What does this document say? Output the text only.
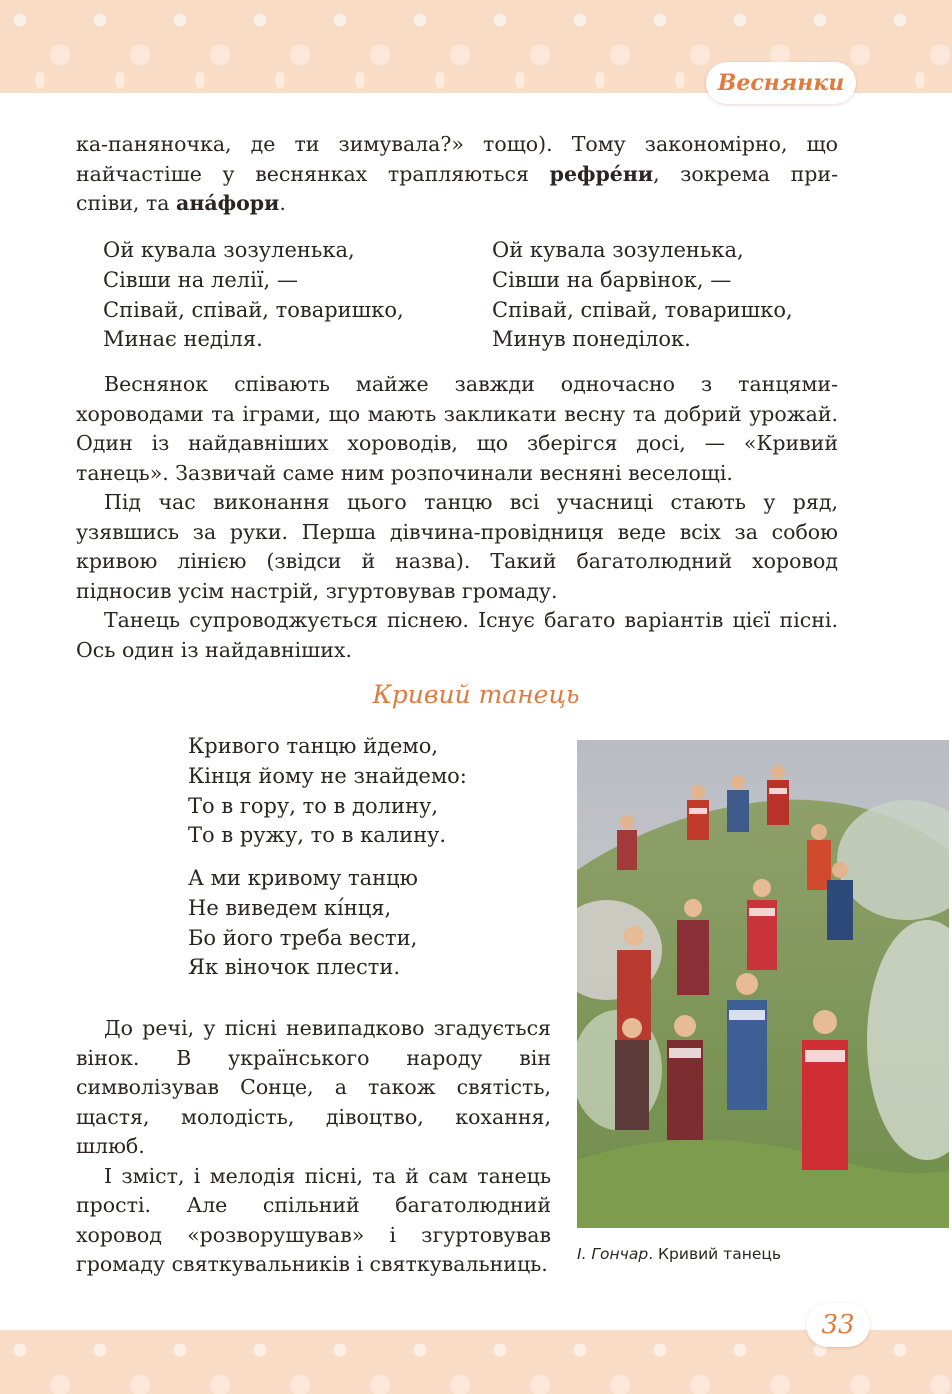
Веснянки

ка-паняночка, де ти зимувала?» тощо). Тому закономірно, що

найчастіше у веснянках трапляються рефре́ни, зокрема при-

співи, та ана́фори.

Ой кувала зозуленька,
Сівши на лелії, —
Співай, співай, товаришко,
Минає неділя.
Ой кувала зозуленька,
Сівши на барвінок, —
Співай, співай, товаришко,
Минув понеділок.

Веснянок співають майже завжди одночасно з танцями-хороводами та іграми, що мають закликати весну та добрий урожай. Один із найдавніших хороводів, що зберігся досі, — «Кривий танець». Зазвичай саме ним розпочинали весняні веселощі.

Під час виконання цього танцю всі учасниці стають у ряд, узявшись за руки. Перша дівчина-провідниця веде всіх за собою кривою лінією (звідси й назва). Такий багатолюдний хоровод підносив усім настрій, згуртовував громаду.

Танець супроводжується піснею. Існує багато варіантів цієї пісні. Ось один із найдавніших.

Кривий танець
Кривого танцю йдемо,
Кінця йому не знайдемо:
То в гору, то в долину,
То в ружу, то в калину.
А ми кривому танцю
Не виведем кі́нця,
Бо його треба вести,
Як віночок плести.

До речі, у пісні невипадково згадується вінок. В українського народу він символізував Сонце, а також святість, щастя, молодість, дівоцтво, кохання, шлюб.

І зміст, і мелодія пісні, та й сам танець прості. Але спільний багатолюдний хоровод «розворушував» і згуртовував громаду святкувальників і святкувальниць. І. Гончар. Кривий танець
33
